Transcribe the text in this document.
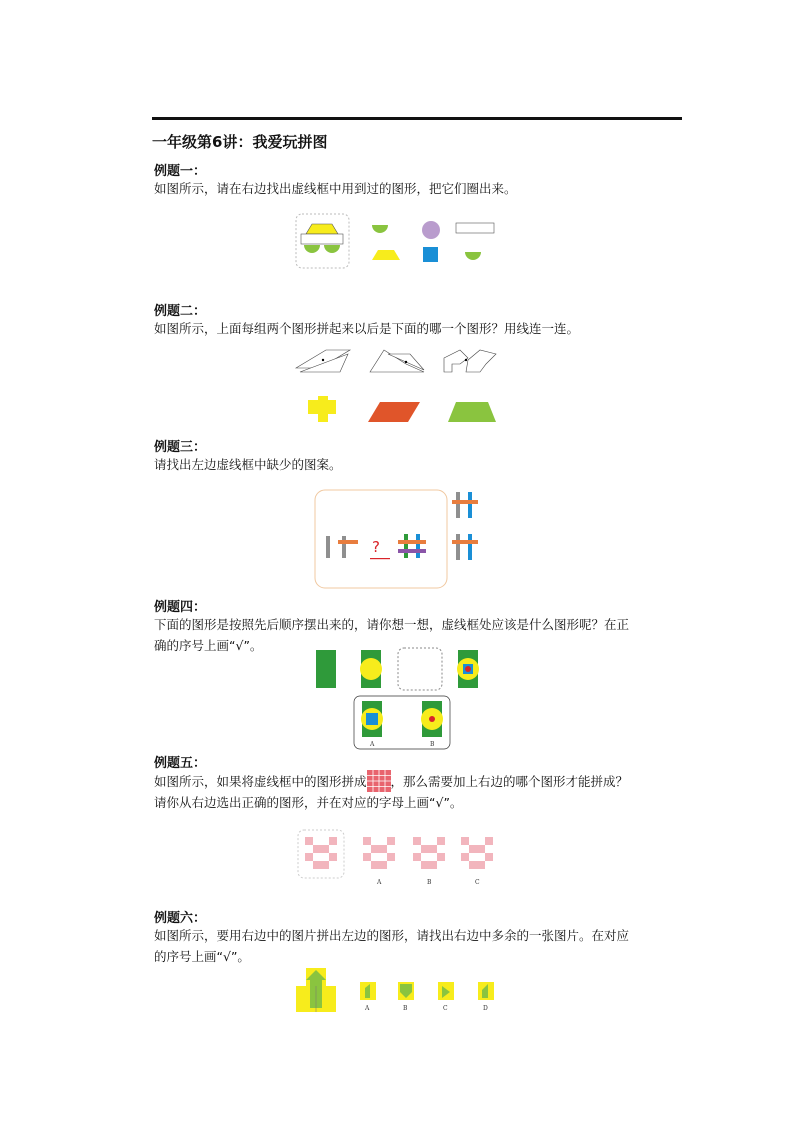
一年级第6讲：我爱玩拼图
例题一：
如图所示，请在右边找出虚线框中用到过的图形，把它们圈出来。
例题二：
如图所示，上面每组两个图形拼起来以后是下面的哪一个图形？用线连一连。
例题三：
请找出左边虚线框中缺少的图案。
?
例题四：
下面的图形是按照先后顺序摆出来的，请你想一想，虚线框处应该是什么图形呢？在正
确的序号上画“√”。
A	B
例题五：
如图所示，如果将虚线框中的图形拼成 ，那么需要加上右边的哪个图形才能拼成？
请你从右边选出正确的图形，并在对应的字母上画“√”。
A	B	C
例题六：
如图所示，要用右边中的图片拼出左边的图形，请找出右边中多余的一张图片。在对应
的序号上画“√”。
A	B	C	D
